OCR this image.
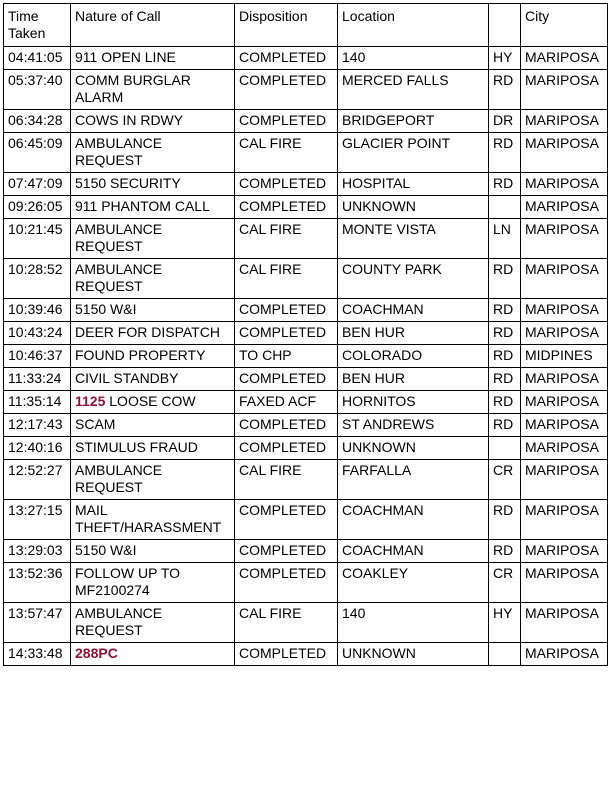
Time Taken	Nature of Call	Disposition	Location		City
04:41:05	911 OPEN LINE	COMPLETED	140	HY	MARIPOSA
05:37:40	COMM BURGLAR ALARM	COMPLETED	MERCED FALLS	RD	MARIPOSA
06:34:28	COWS IN RDWY	COMPLETED	BRIDGEPORT	DR	MARIPOSA
06:45:09	AMBULANCE REQUEST	CAL FIRE	GLACIER POINT	RD	MARIPOSA
07:47:09	5150 SECURITY	COMPLETED	HOSPITAL	RD	MARIPOSA
09:26:05	911 PHANTOM CALL	COMPLETED	UNKNOWN		MARIPOSA
10:21:45	AMBULANCE REQUEST	CAL FIRE	MONTE VISTA	LN	MARIPOSA
10:28:52	AMBULANCE REQUEST	CAL FIRE	COUNTY PARK	RD	MARIPOSA
10:39:46	5150 W&I	COMPLETED	COACHMAN	RD	MARIPOSA
10:43:24	DEER FOR DISPATCH	COMPLETED	BEN HUR	RD	MARIPOSA
10:46:37	FOUND PROPERTY	TO CHP	COLORADO	RD	MIDPINES
11:33:24	CIVIL STANDBY	COMPLETED	BEN HUR	RD	MARIPOSA
11:35:14	1125 LOOSE COW	FAXED ACF	HORNITOS	RD	MARIPOSA
12:17:43	SCAM	COMPLETED	ST ANDREWS	RD	MARIPOSA
12:40:16	STIMULUS FRAUD	COMPLETED	UNKNOWN		MARIPOSA
12:52:27	AMBULANCE REQUEST	CAL FIRE	FARFALLA	CR	MARIPOSA
13:27:15	MAIL THEFT/HARASSMENT	COMPLETED	COACHMAN	RD	MARIPOSA
13:29:03	5150 W&I	COMPLETED	COACHMAN	RD	MARIPOSA
13:52:36	FOLLOW UP TO MF2100274	COMPLETED	COAKLEY	CR	MARIPOSA
13:57:47	AMBULANCE REQUEST	CAL FIRE	140	HY	MARIPOSA
14:33:48	288PC	COMPLETED	UNKNOWN		MARIPOSA
